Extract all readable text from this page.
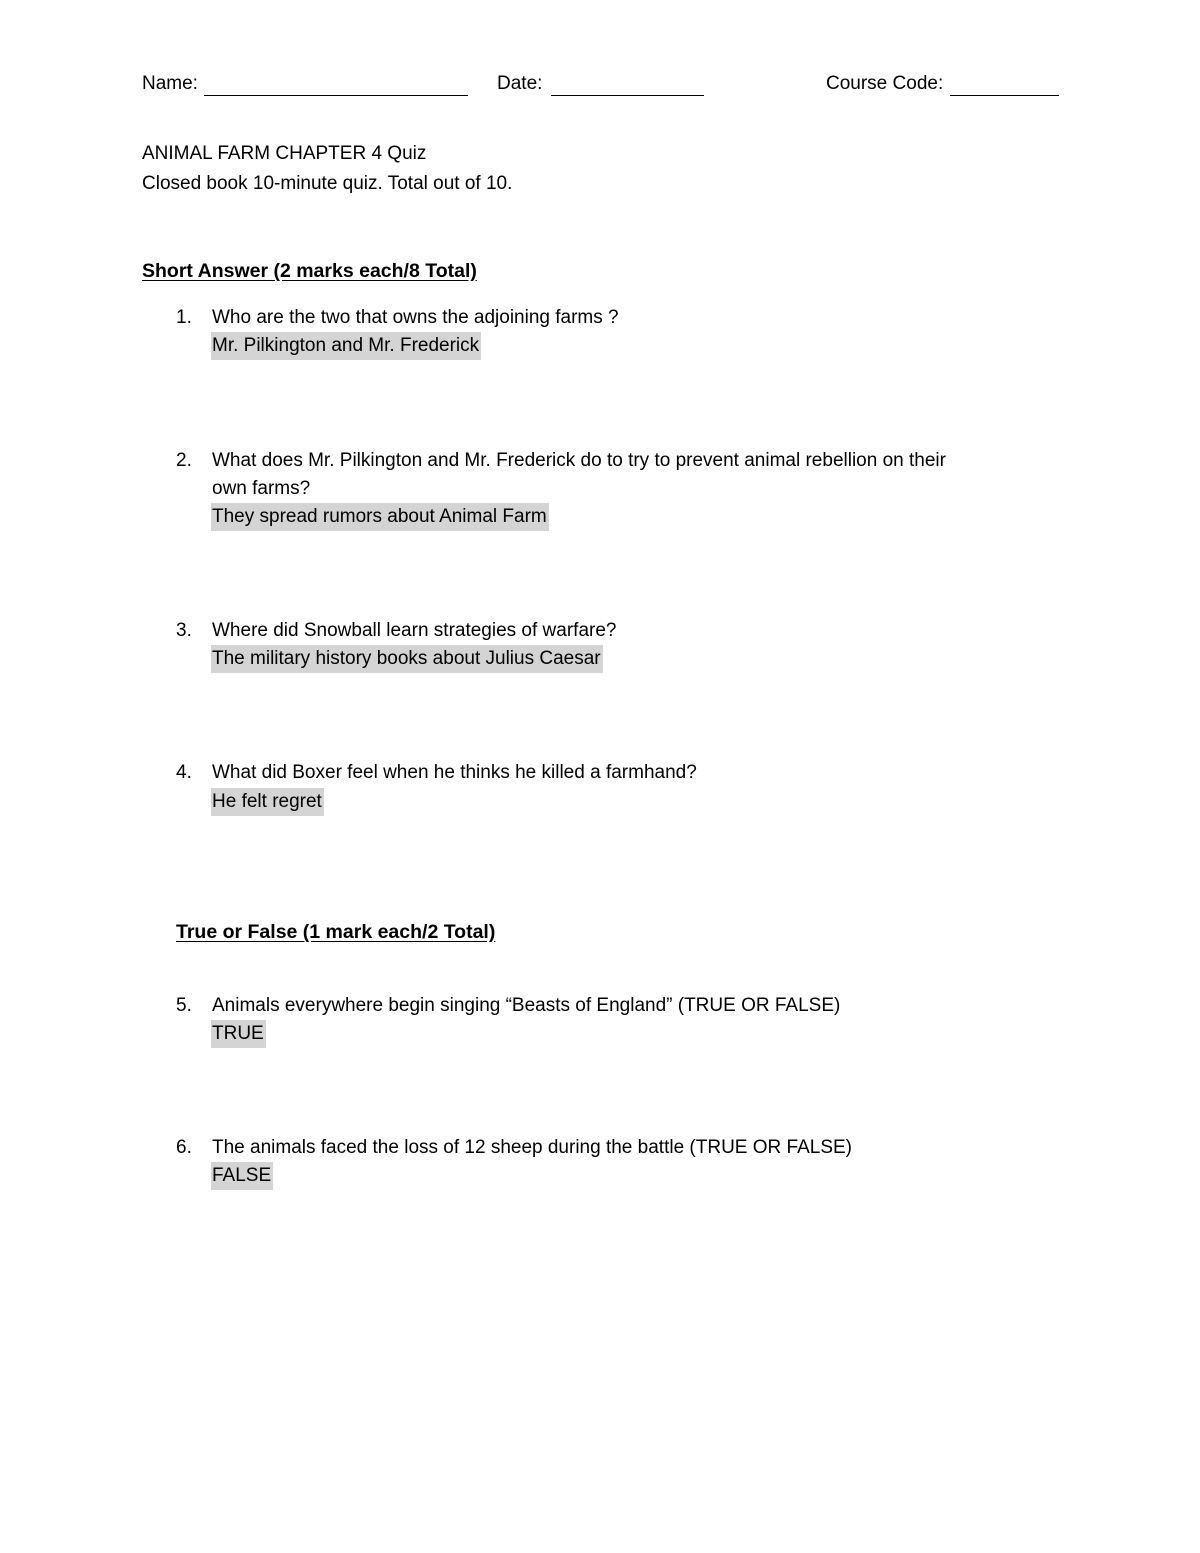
Name:	Date:	Course Code:
ANIMAL FARM CHAPTER 4 Quiz
Closed book 10-minute quiz. Total out of 10.
Short Answer (2 marks each/8 Total)
1.	Who are the two that owns the adjoining farms ?
Mr. Pilkington and Mr. Frederick
2.	What does Mr. Pilkington and Mr. Frederick do to try to prevent animal rebellion on their
own farms?
They spread rumors about Animal Farm
3.	Where did Snowball learn strategies of warfare?
The military history books about Julius Caesar
4.	What did Boxer feel when he thinks he killed a farmhand?
He felt regret
True or False (1 mark each/2 Total)
5.	Animals everywhere begin singing “Beasts of England” (TRUE OR FALSE)
TRUE
6.	The animals faced the loss of 12 sheep during the battle (TRUE OR FALSE)
FALSE
